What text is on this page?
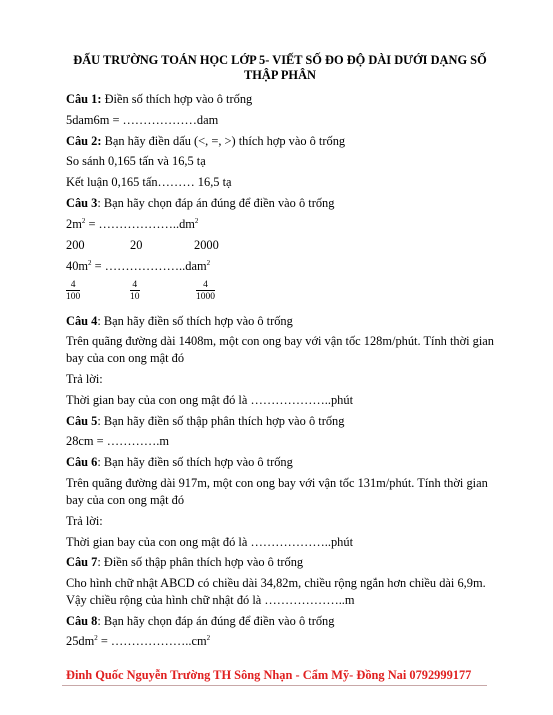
ĐẤU TRƯỜNG TOÁN HỌC LỚP 5- VIẾT SỐ ĐO ĐỘ DÀI DƯỚI DẠNG SỐ THẬP PHÂN
Câu 1: Điền số thích hợp vào ô trống
5dam6m = ………………dam
Câu 2: Bạn hãy điền dấu (<, =, >) thích hợp vào ô trống
So sánh 0,165 tấn và 16,5 tạ
Kết luận 0,165 tấn……… 16,5 tạ
Câu 3: Bạn hãy chọn đáp án đúng để điền vào ô trống
$2m^2$ = $\dots\dots\dots\dots\dots\dots..dm^2$
200	20	2000
$40m^2$ = ………………..dam$^2$
$\frac{4}{100}$	$\frac{4}{10}$	$\frac{4}{1000}$
Câu 4: Bạn hãy điền số thích hợp vào ô trống
Trên quãng đường dài 1408m, một con ong bay với vận tốc 128m/phút. Tính thời gian bay của con ong mật đó
Trả lời:
Thời gian bay của con ong mật đó là ………………..phút
Câu 5: Bạn hãy điền số thập phân thích hợp vào ô trống
28cm = ………….m
Câu 6: Bạn hãy điền số thích hợp vào ô trống
Trên quãng đường dài 917m, một con ong bay với vận tốc 131m/phút. Tính thời gian bay của con ong mật đó
Trả lời:
Thời gian bay của con ong mật đó là ………………..phút
Câu 7: Điền số thập phân thích hợp vào ô trống
Cho hình chữ nhật ABCD có chiều dài 34,82m, chiều rộng ngắn hơn chiều dài 6,9m. Vậy chiều rộng của hình chữ nhật đó là ………………..m
Câu 8: Bạn hãy chọn đáp án đúng để điền vào ô trống
$25dm^2$ = $\dots\dots\dots\dots\dots\dots..cm^2$
Đinh Quốc Nguyễn Trường TH Sông Nhạn - Cẩm Mỹ- Đồng Nai 0792999177
